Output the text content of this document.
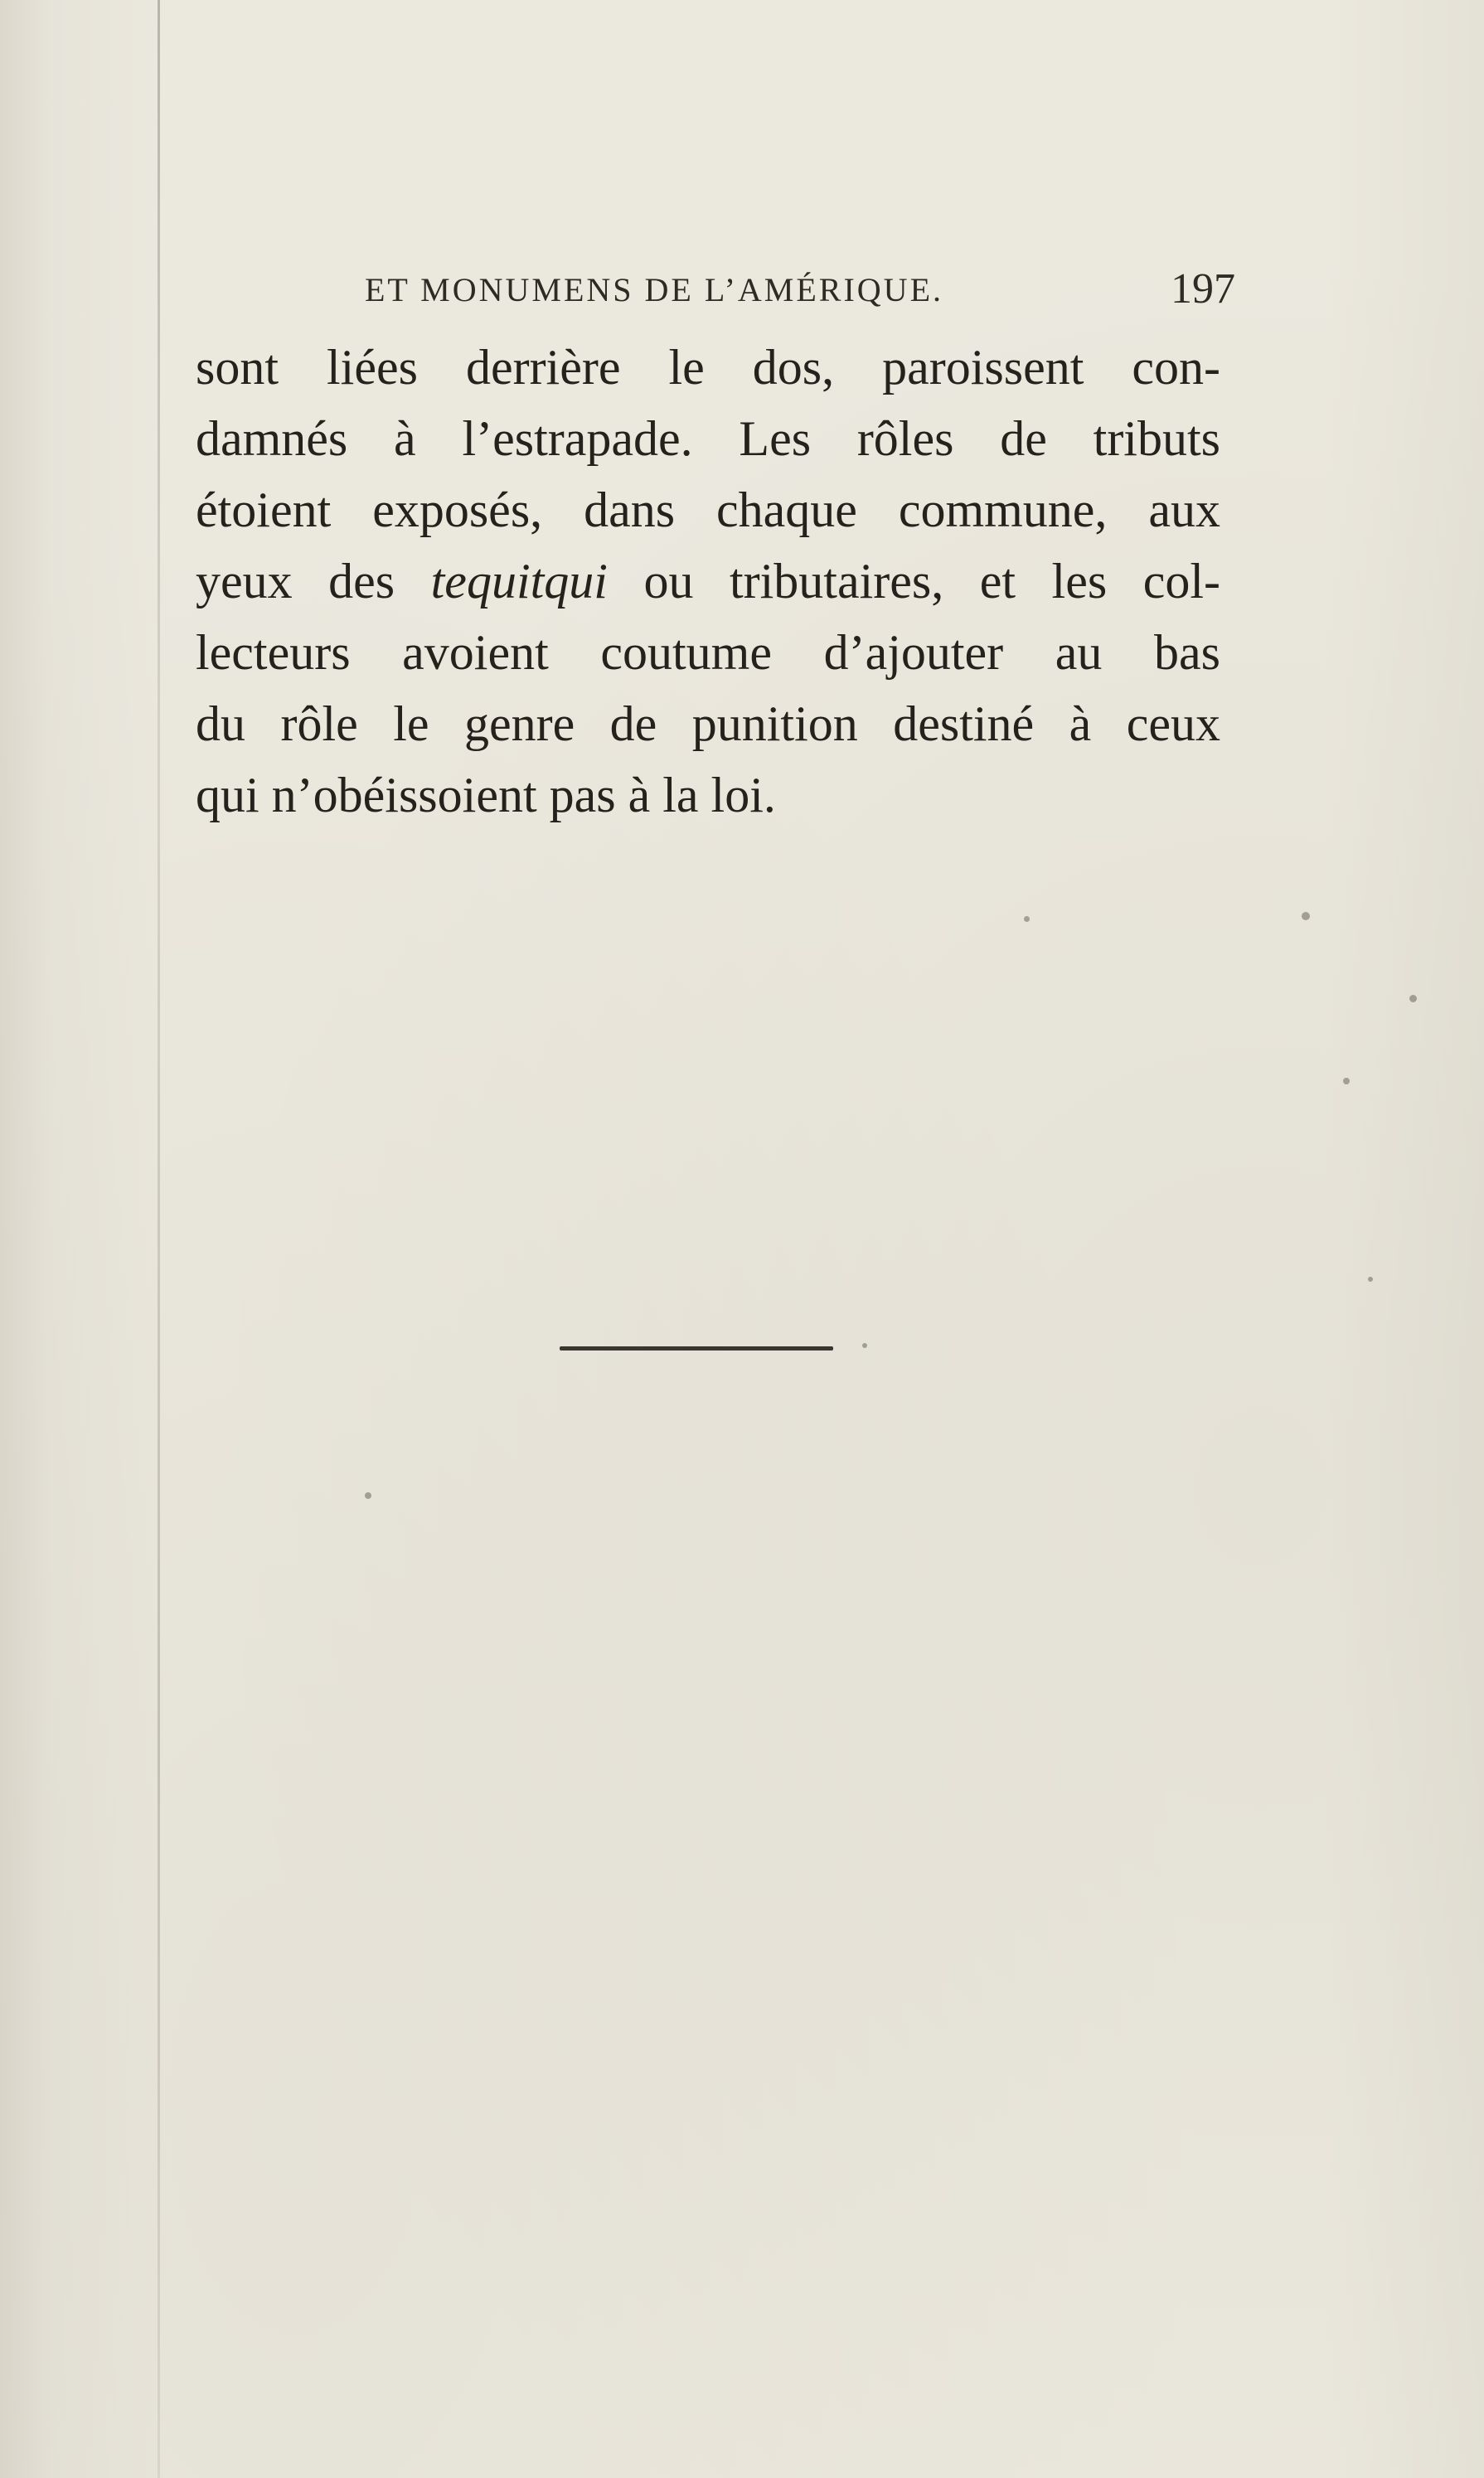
ET MONUMENS DE L’AMÉRIQUE.	197
sont liées derrière le dos, paroissent con-
damnés à l’estrapade. Les rôles de tributs
étoient exposés, dans chaque commune, aux
yeux des tequitqui ou tributaires, et les col-
lecteurs avoient coutume d’ajouter au bas
du rôle le genre de punition destiné à ceux
qui n’obéissoient pas à la loi.
